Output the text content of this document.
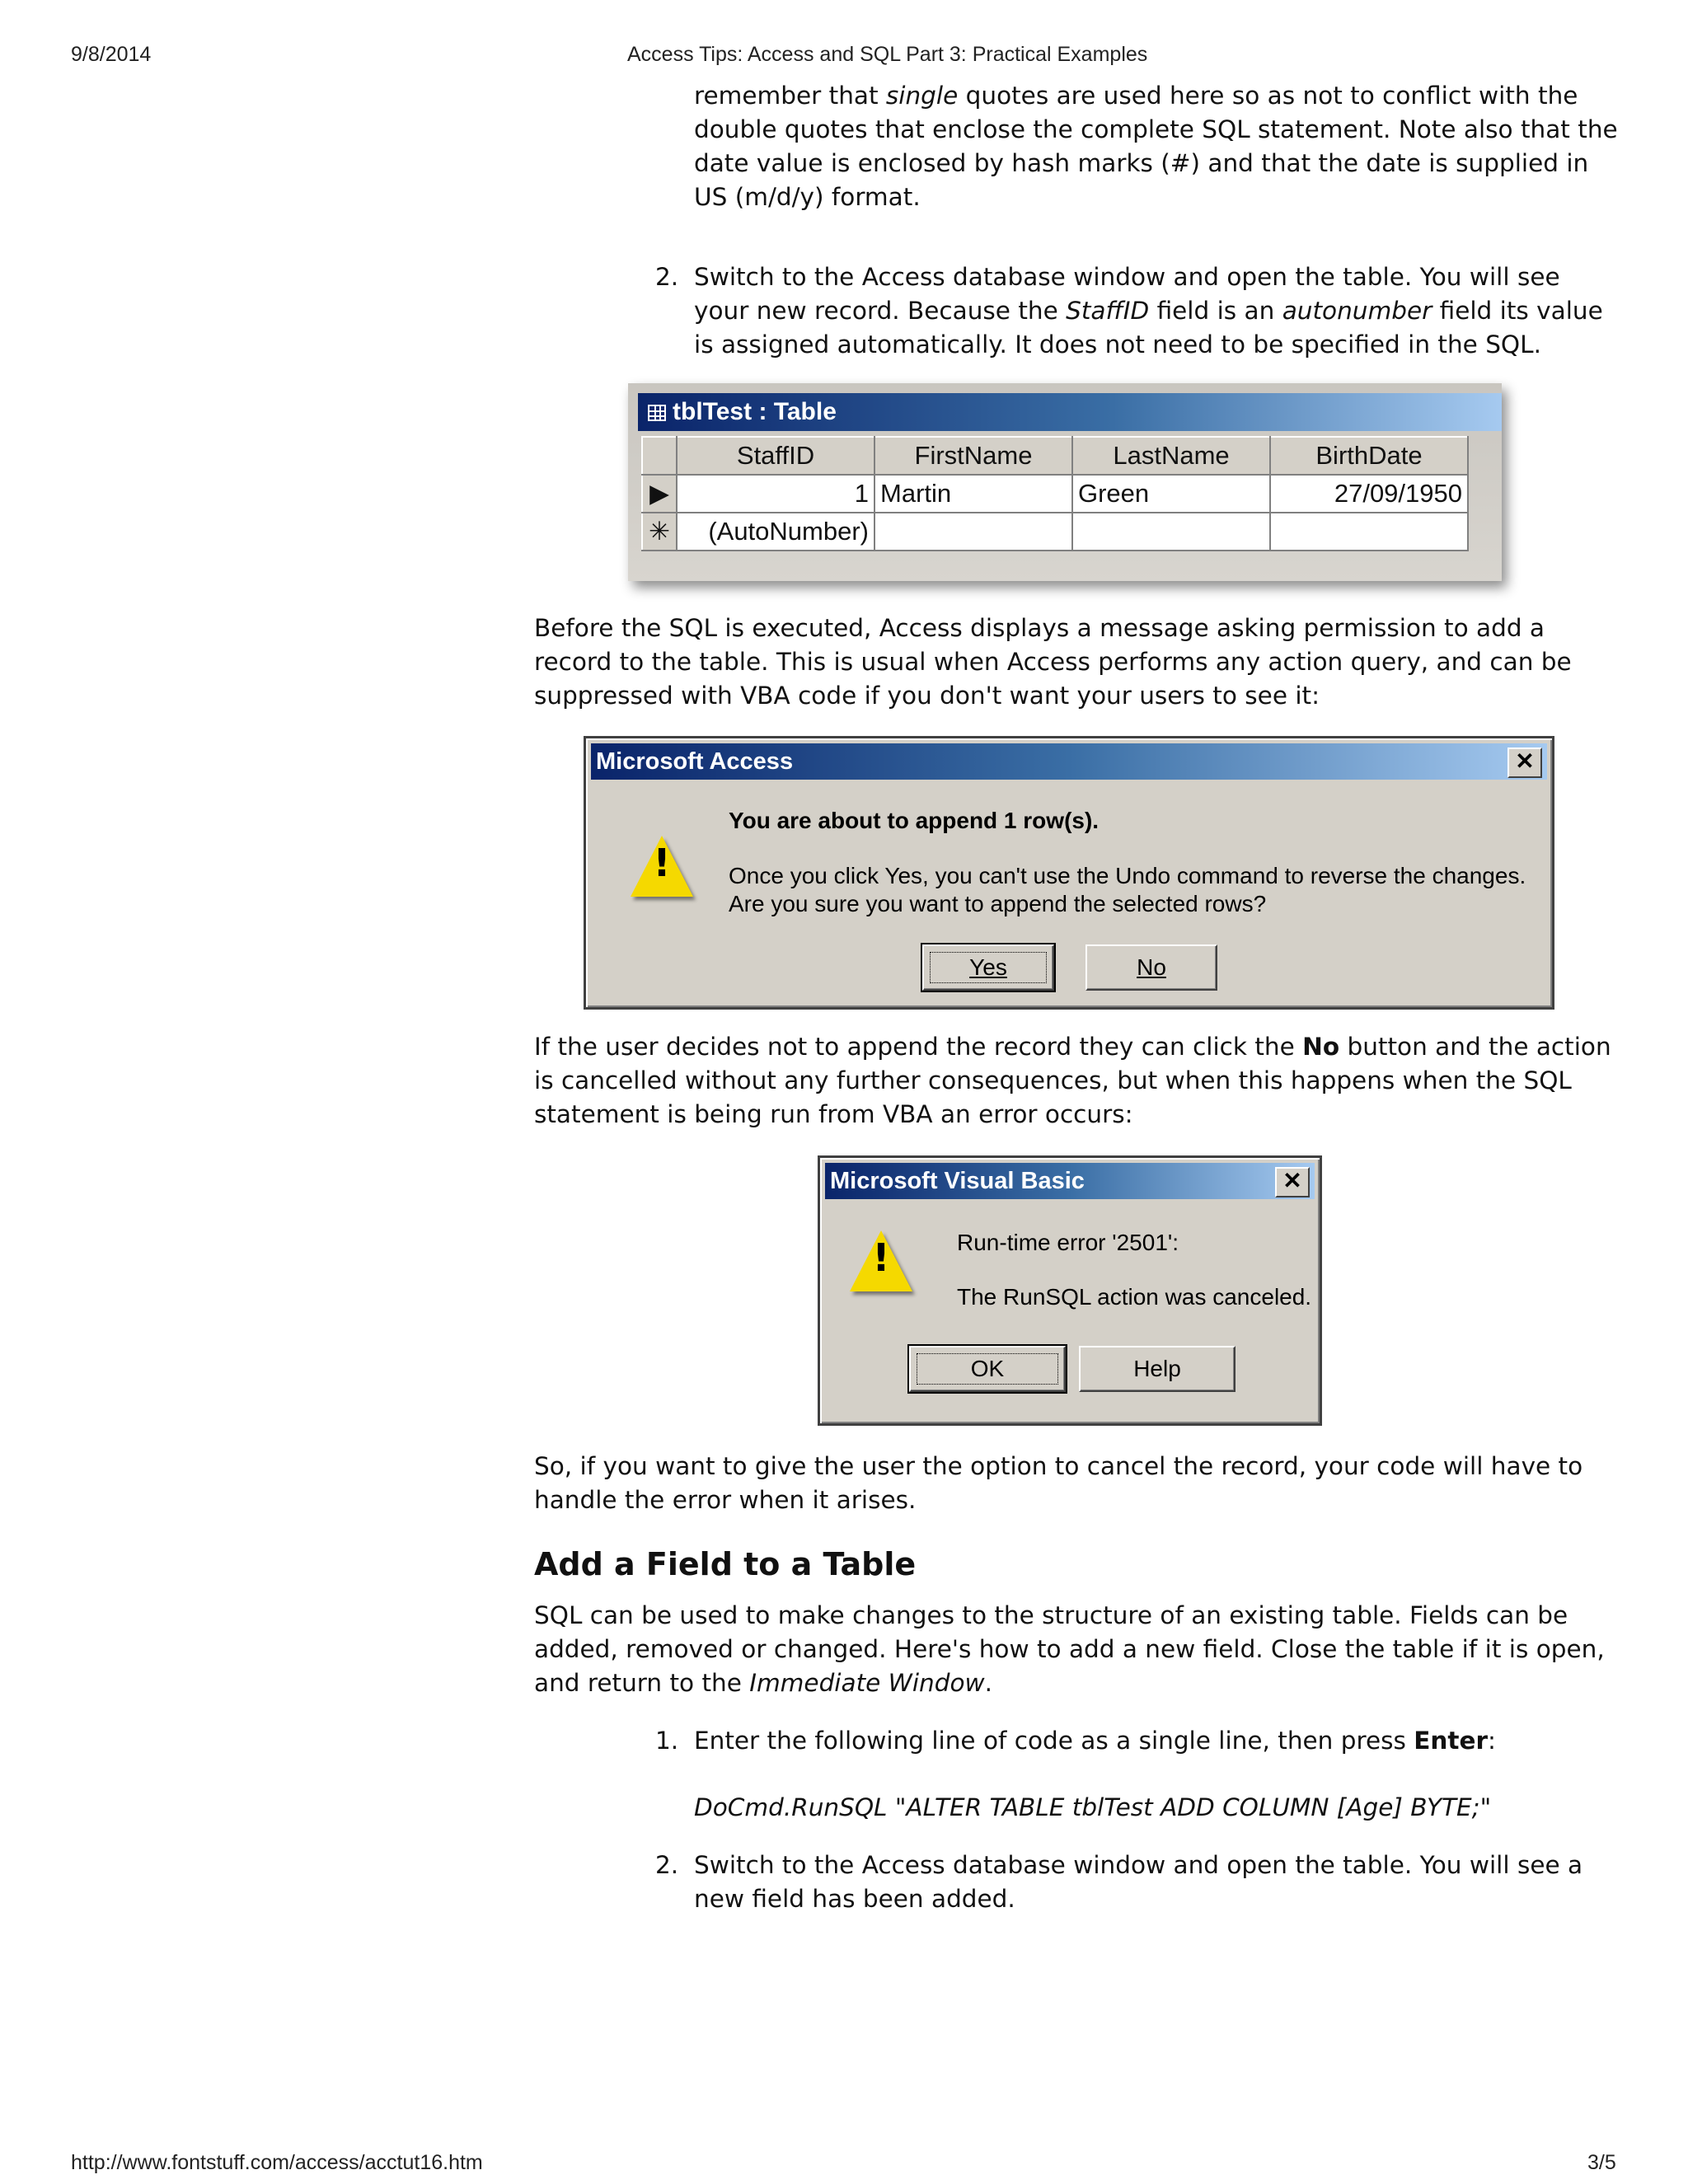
9/8/2014	Access Tips: Access and SQL Part 3: Practical Examples

remember that single quotes are used here so as not to conflict with the

double quotes that enclose the complete SQL statement. Note also that the

date value is enclosed by hash marks (#) and that the date is supplied in

US (m/d/y) format.

2. Switch to the Access database window and open the table. You will see

your new record. Because the StaffID field is an autonumber field its value

is assigned automatically. It does not need to be specified in the SQL.

tblTest : Table
	StaffID	FirstName	LastName	BirthDate
▶	1	Martin	Green	27/09/1950
✳	(AutoNumber)			

Before the SQL is executed, Access displays a message asking permission to add a

record to the table. This is usual when Access performs any action query, and can be

suppressed with VBA code if you don't want your users to see it:

Microsoft Access	✕
!

You are about to append 1 row(s).

Once you click Yes, you can't use the Undo command to reverse the changes.

Are you sure you want to append the selected rows?

Yes	No

If the user decides not to append the record they can click the No button and the action

is cancelled without any further consequences, but when this happens when the SQL

statement is being run from VBA an error occurs:

Microsoft Visual Basic	✕
!	Run-time error '2501':

The RunSQL action was canceled.

OK	Help

So, if you want to give the user the option to cancel the record, your code will have to

handle the error when it arises.

Add a Field to a Table

SQL can be used to make changes to the structure of an existing table. Fields can be

added, removed or changed. Here's how to add a new field. Close the table if it is open,

and return to the Immediate Window.

1. Enter the following line of code as a single line, then press Enter:

DoCmd.RunSQL "ALTER TABLE tblTest ADD COLUMN [Age] BYTE;"

2. Switch to the Access database window and open the table. You will see a

new field has been added.

http://www.fontstuff.com/access/acctut16.htm	3/5
